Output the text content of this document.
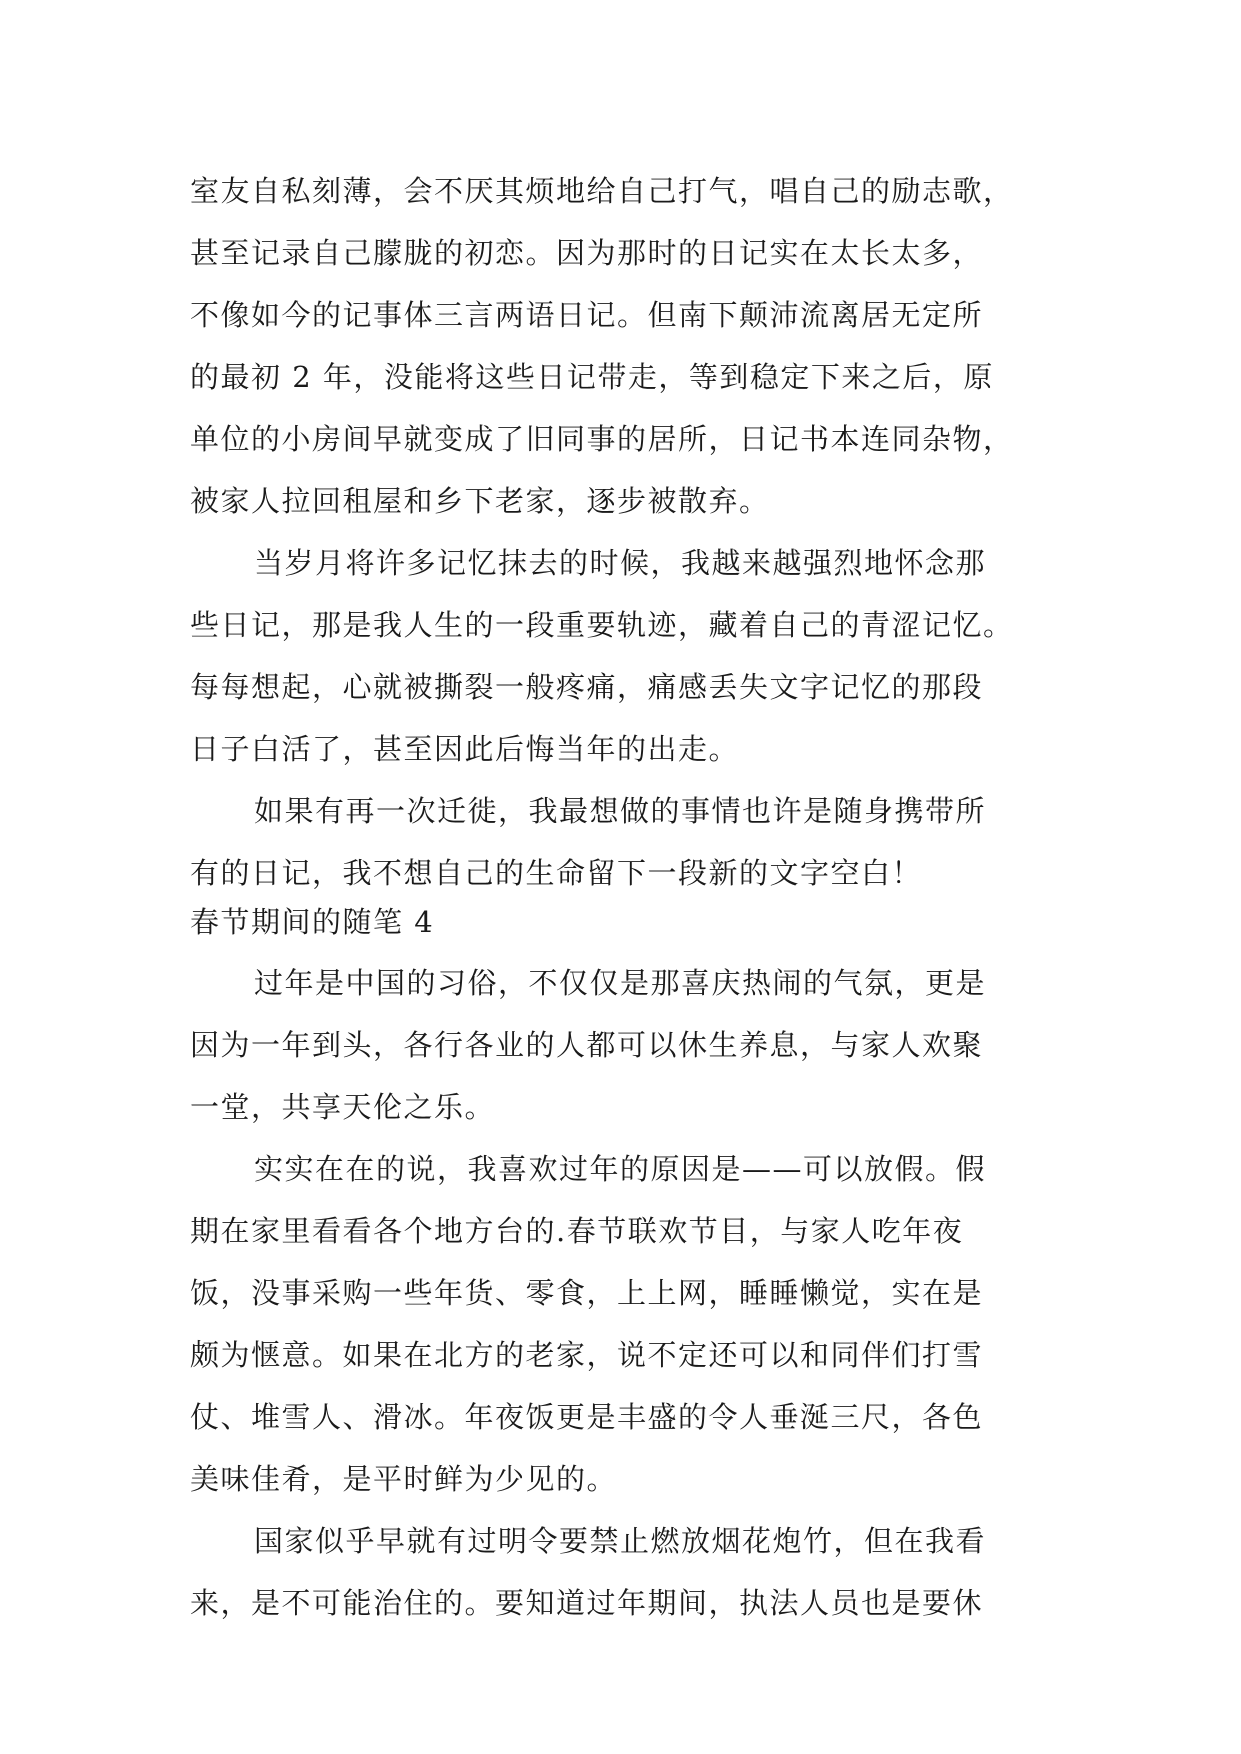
室友自私刻薄，会不厌其烦地给自己打气，唱自己的励志歌，
甚至记录自己朦胧的初恋。因为那时的日记实在太长太多，
不像如今的记事体三言两语日记。但南下颠沛流离居无定所
的最初 2 年，没能将这些日记带走，等到稳定下来之后，原
单位的小房间早就变成了旧同事的居所，日记书本连同杂物，
被家人拉回租屋和乡下老家，逐步被散弃。
当岁月将许多记忆抹去的时候，我越来越强烈地怀念那
些日记，那是我人生的一段重要轨迹，藏着自己的青涩记忆。
每每想起，心就被撕裂一般疼痛，痛感丢失文字记忆的那段
日子白活了，甚至因此后悔当年的出走。
如果有再一次迁徙，我最想做的事情也许是随身携带所
有的日记，我不想自己的生命留下一段新的文字空白！
春节期间的随笔 4
过年是中国的习俗，不仅仅是那喜庆热闹的气氛，更是
因为一年到头，各行各业的人都可以休生养息，与家人欢聚
一堂，共享天伦之乐。
实实在在的说，我喜欢过年的原因是——可以放假。假
期在家里看看各个地方台的.春节联欢节目，与家人吃年夜
饭，没事采购一些年货、零食，上上网，睡睡懒觉，实在是
颇为惬意。如果在北方的老家，说不定还可以和同伴们打雪
仗、堆雪人、滑冰。年夜饭更是丰盛的令人垂涎三尺，各色
美味佳肴，是平时鲜为少见的。
国家似乎早就有过明令要禁止燃放烟花炮竹，但在我看
来，是不可能治住的。要知道过年期间，执法人员也是要休
